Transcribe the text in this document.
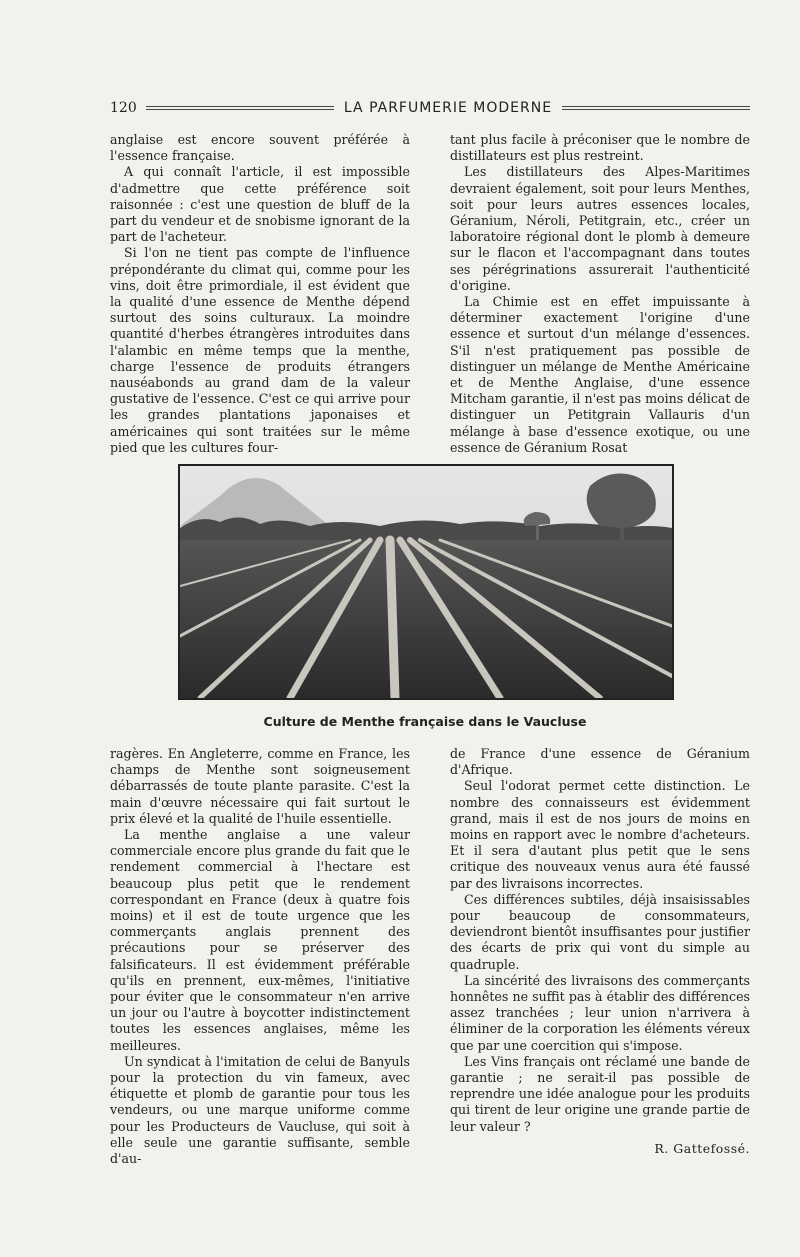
120	LA PARFUMERIE MODERNE

anglaise est encore souvent préférée à l'essence française.

A qui connaît l'article, il est impossible d'admettre que cette préférence soit raisonnée : c'est une question de bluff de la part du vendeur et de snobisme ignorant de la part de l'acheteur.

Si l'on ne tient pas compte de l'influence prépondérante du climat qui, comme pour les vins, doit être primordiale, il est évident que la qualité d'une essence de Menthe dépend surtout des soins culturaux. La moindre quantité d'herbes étrangères introduites dans l'alambic en même temps que la menthe, charge l'essence de produits étrangers nauséabonds au grand dam de la valeur gustative de l'essence. C'est ce qui arrive pour les grandes plantations japonaises et américaines qui sont traitées sur le même pied que les cultures four-

tant plus facile à préconiser que le nombre de distillateurs est plus restreint.

Les distillateurs des Alpes-Maritimes devraient également, soit pour leurs Menthes, soit pour leurs autres essences locales, Géranium, Néroli, Petitgrain, etc., créer un laboratoire régional dont le plomb à demeure sur le flacon et l'accompagnant dans toutes ses pérégrinations assurerait l'authenticité d'origine.

La Chimie est en effet impuissante à déterminer exactement l'origine d'une essence et surtout d'un mélange d'essences. S'il n'est pratiquement pas possible de distinguer un mélange de Menthe Américaine et de Menthe Anglaise, d'une essence Mitcham garantie, il n'est pas moins délicat de distinguer un Petitgrain Vallauris d'un mélange à base d'essence exotique, ou une essence de Géranium Rosat

Culture de Menthe française dans le Vaucluse

ragères. En Angleterre, comme en France, les champs de Menthe sont soigneusement débarrassés de toute plante parasite. C'est la main d'œuvre nécessaire qui fait surtout le prix élevé et la qualité de l'huile essentielle.

La menthe anglaise a une valeur commerciale encore plus grande du fait que le rendement commercial à l'hectare est beaucoup plus petit que le rendement correspondant en France (deux à quatre fois moins) et il est de toute urgence que les commerçants anglais prennent des précautions pour se préserver des falsificateurs. Il est évidemment préférable qu'ils en prennent, eux-mêmes, l'initiative pour éviter que le consommateur n'en arrive un jour ou l'autre à boycotter indistinctement toutes les essences anglaises, même les meilleures.

Un syndicat à l'imitation de celui de Banyuls pour la protection du vin fameux, avec étiquette et plomb de garantie pour tous les vendeurs, ou une marque uniforme comme pour les Producteurs de Vaucluse, qui soit à elle seule une garantie suffisante, semble d'au-

de France d'une essence de Géranium d'Afrique.

Seul l'odorat permet cette distinction. Le nombre des connaisseurs est évidemment grand, mais il est de nos jours de moins en moins en rapport avec le nombre d'acheteurs. Et il sera d'autant plus petit que le sens critique des nouveaux venus aura été faussé par des livraisons incorrectes.

Ces différences subtiles, déjà insaisissables pour beaucoup de consommateurs, deviendront bientôt insuffisantes pour justifier des écarts de prix qui vont du simple au quadruple.

La sincérité des livraisons des commerçants honnêtes ne suffit pas à établir des différences assez tranchées ; leur union n'arrivera à éliminer de la corporation les éléments véreux que par une coercition qui s'impose.

Les Vins français ont réclamé une bande de garantie ; ne serait-il pas possible de reprendre une idée analogue pour les produits qui tirent de leur origine une grande partie de leur valeur ?

R. Gattefossé.
